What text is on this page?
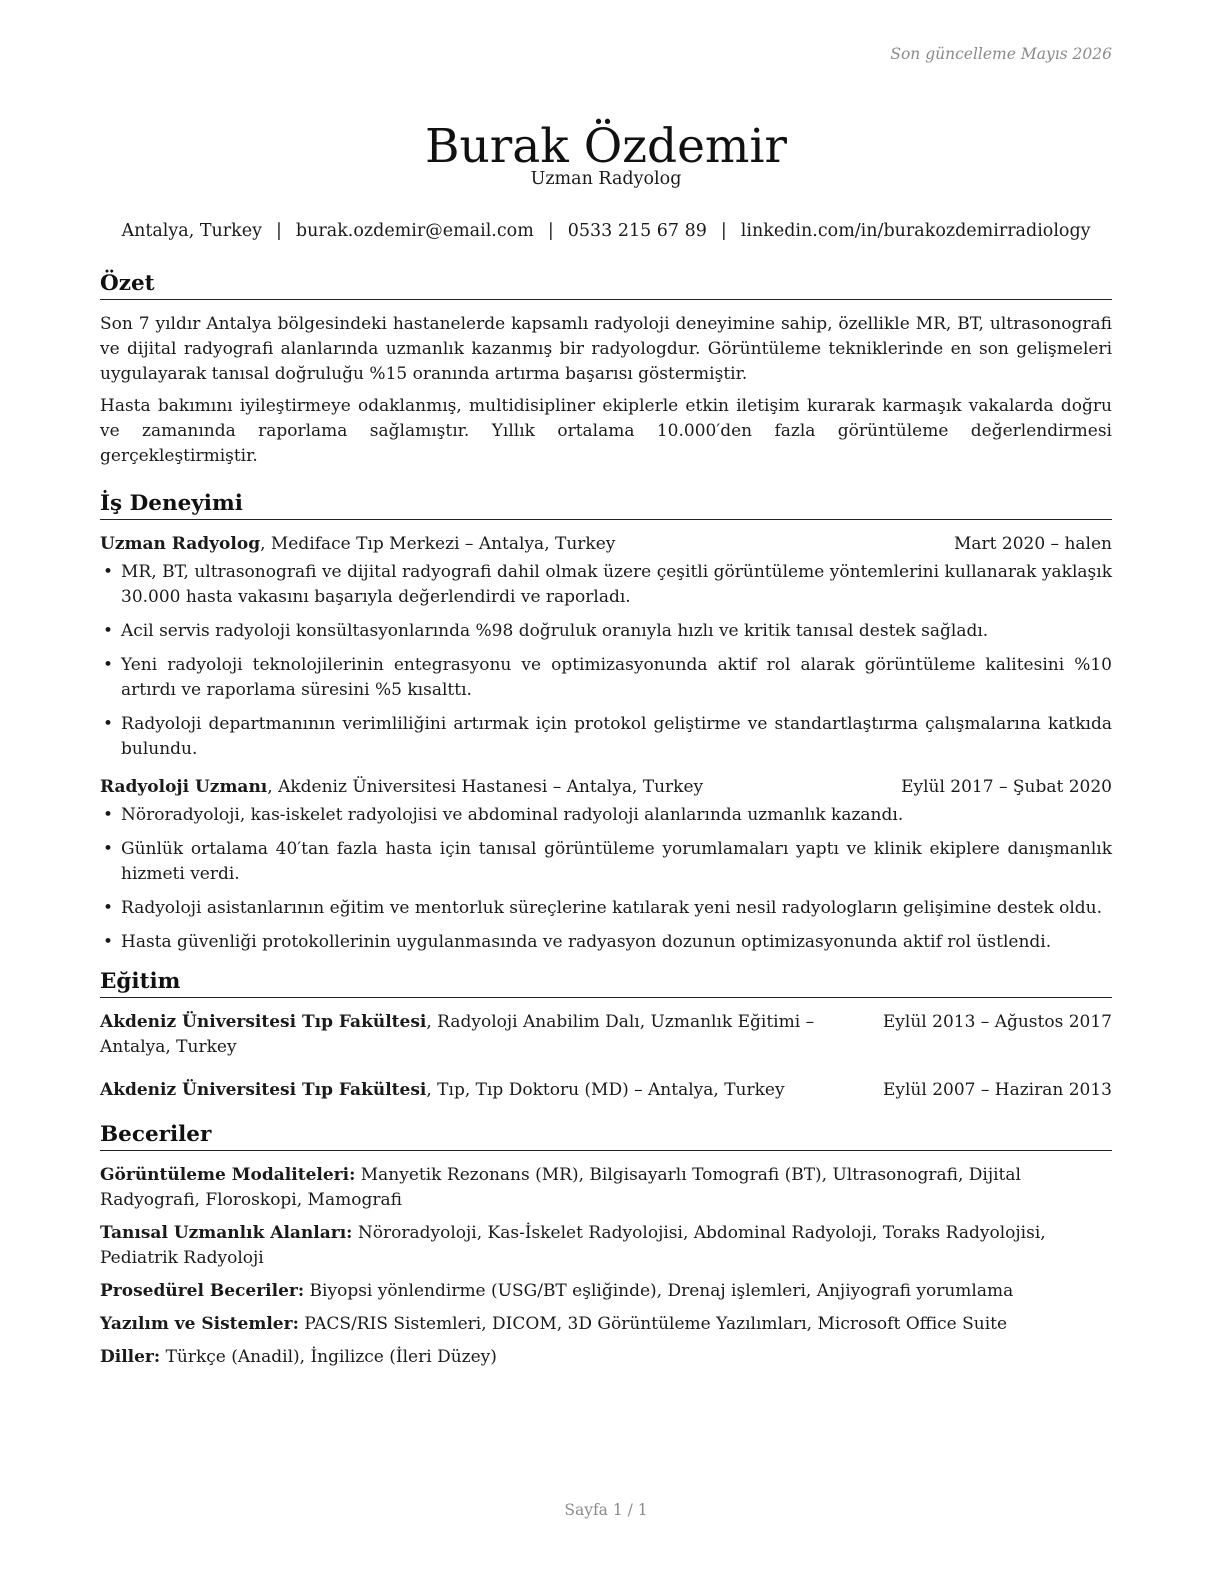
Son güncelleme Mayıs 2026
Burak Özdemir
Uzman Radyolog
Antalya, Turkey | burak.ozdemir@email.com | 0533 215 67 89 | linkedin.com/in/burakozdemirradiology
Özet

Son 7 yıldır Antalya bölgesindeki hastanelerde kapsamlı radyoloji deneyimine sahip, özellikle MR, BT, ultrasonografi ve dijital radyografi alanlarında uzmanlık kazanmış bir radyologdur. Görüntüleme tekniklerinde en son gelişmeleri uygulayarak tanısal doğruluğu %15 oranında artırma başarısı göstermiştir.

Hasta bakımını iyileştirmeye odaklanmış, multidisipliner ekiplerle etkin iletişim kurarak karmaşık vakalarda doğru ve zamanında raporlama sağlamıştır. Yıllık ortalama 10.000′den fazla görüntüleme değerlendirmesi gerçekleştirmiştir.

İş Deneyimi
Uzman Radyolog, Mediface Tıp Merkezi – Antalya, Turkey	Mart 2020 – halen
• MR, BT, ultrasonografi ve dijital radyografi dahil olmak üzere çeşitli görüntüleme yöntemlerini kullanarak yaklaşık 30.000 hasta vakasını başarıyla değerlendirdi ve raporladı.
• Acil servis radyoloji konsültasyonlarında %98 doğruluk oranıyla hızlı ve kritik tanısal destek sağladı.
• Yeni radyoloji teknolojilerinin entegrasyonu ve optimizasyonunda aktif rol alarak görüntüleme kalitesini %10 artırdı ve raporlama süresini %5 kısalttı.
• Radyoloji departmanının verimliliğini artırmak için protokol geliştirme ve standartlaştırma çalışmalarına katkıda bulundu.
Radyoloji Uzmanı, Akdeniz Üniversitesi Hastanesi – Antalya, Turkey	Eylül 2017 – Şubat 2020
• Nöroradyoloji, kas-iskelet radyolojisi ve abdominal radyoloji alanlarında uzmanlık kazandı.
• Günlük ortalama 40′tan fazla hasta için tanısal görüntüleme yorumlamaları yaptı ve klinik ekiplere danışmanlık hizmeti verdi.
• Radyoloji asistanlarının eğitim ve mentorluk süreçlerine katılarak yeni nesil radyologların gelişimine destek oldu.
• Hasta güvenliği protokollerinin uygulanmasında ve radyasyon dozunun optimizasyonunda aktif rol üstlendi.
Eğitim
Akdeniz Üniversitesi Tıp Fakültesi, Radyoloji Anabilim Dalı, Uzmanlık Eğitimi – Antalya, Turkey
Eylül 2013 – Ağustos 2017
Akdeniz Üniversitesi Tıp Fakültesi, Tıp, Tıp Doktoru (MD) – Antalya, Turkey	Eylül 2007 – Haziran 2013
Beceriler
Görüntüleme Modaliteleri: Manyetik Rezonans (MR), Bilgisayarlı Tomografi (BT), Ultrasonografi, Dijital Radyografi, Floroskopi, Mamografi
Tanısal Uzmanlık Alanları: Nöroradyoloji, Kas-İskelet Radyolojisi, Abdominal Radyoloji, Toraks Radyolojisi, Pediatrik Radyoloji
Prosedürel Beceriler: Biyopsi yönlendirme (USG/BT eşliğinde), Drenaj işlemleri, Anjiyografi yorumlama
Yazılım ve Sistemler: PACS/RIS Sistemleri, DICOM, 3D Görüntüleme Yazılımları, Microsoft Office Suite
Diller: Türkçe (Anadil), İngilizce (İleri Düzey)
Sayfa 1 / 1
